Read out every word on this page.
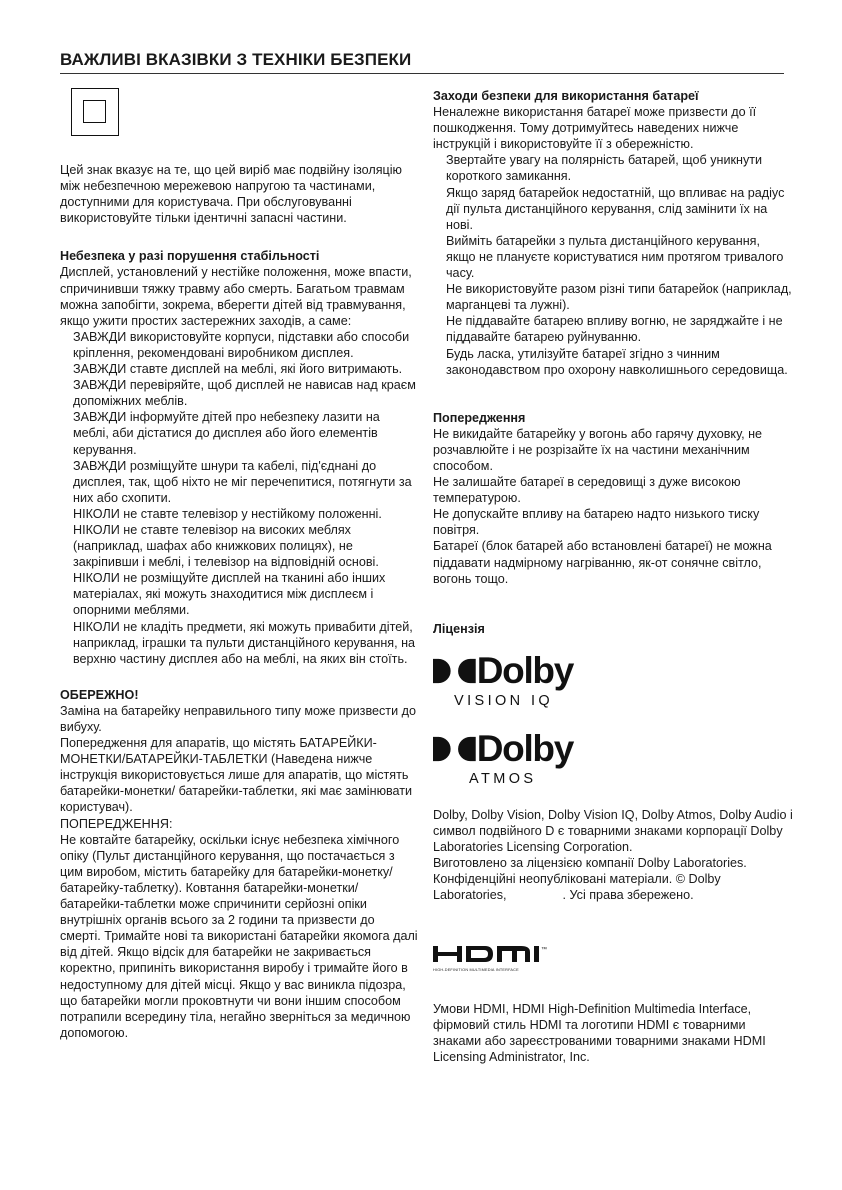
ВАЖЛИВІ ВКАЗІВКИ З ТЕХНІКИ БЕЗПЕКИ

Цей знак вказує на те, що цей виріб має подвійну ізоляцію між небезпечною мережевою напругою та частинами, доступними для користувача. При обслуговуванні використовуйте тільки ідентичні запасні частини.

Небезпека у разі порушення стабільності

Дисплей, установлений у нестійке положення, може впасти, спричинивши тяжку травму або смерть. Багатьом травмам можна запобігти, зокрема, вберегти дітей від травмування, якщо ужити простих застережних заходів, а саме:

ЗАВЖДИ використовуйте корпуси, підставки або способи кріплення, рекомендовані виробником дисплея.

ЗАВЖДИ ставте дисплей на меблі, які його витримають.

ЗАВЖДИ перевіряйте, щоб дисплей не нависав над краєм допоміжних меблів.

ЗАВЖДИ інформуйте дітей про небезпеку лазити на меблі, аби дістатися до дисплея або його елементів керування.

ЗАВЖДИ розміщуйте шнури та кабелі, під'єднані до дисплея, так, щоб ніхто не міг перечепитися, потягнути за них або схопити.

НІКОЛИ не ставте телевізор у нестійкому положенні.

НІКОЛИ не ставте телевізор на високих меблях (наприклад, шафах або книжкових полицях), не закріпивши і меблі, і телевізор на відповідній основі.

НІКОЛИ не розміщуйте дисплей на тканині або інших матеріалах, які можуть знаходитися між дисплеєм і опорними меблями.

НІКОЛИ не кладіть предмети, які можуть привабити дітей, наприклад, іграшки та пульти дистанційного керування, на верхню частину дисплея або на меблі, на яких він стоїть.

ОБЕРЕЖНО!

Заміна на батарейку неправильного типу може призвести до вибуху.

Попередження для апаратів, що містять БАТАРЕЙКИ-МОНЕТКИ/БАТАРЕЙКИ-ТАБЛЕТКИ (Наведена нижче інструкція використовується лише для апаратів, що містять батарейки-монетки/ батарейки-таблетки, які має замінювати користувач).

ПОПЕРЕДЖЕННЯ:

Не ковтайте батарейку, оскільки існує небезпека хімічного опіку (Пульт дистанційного керування, що постачається з цим виробом, містить батарейку для батарейки-монетку/батарейку-таблетку). Ковтання батарейки-монетки/батарейки-таблетки може спричинити серйозні опіки внутрішніх органів всього за 2 години та призвести до смерті. Тримайте нові та використані батарейки якомога далі від дітей. Якщо відсік для батарейки не закривається коректно, припиніть використання виробу і тримайте його в недоступному для дітей місці. Якщо у вас виникла підозра, що батарейки могли проковтнути чи вони іншим способом потрапили всередину тіла, негайно зверніться за медичною допомогою.

Заходи безпеки для використання батареї

Неналежне використання батареї може призвести до її пошкодження. Тому дотримуйтесь наведених нижче інструкцій і використовуйте її з обережністю.

Звертайте увагу на полярність батарей, щоб уникнути короткого замикання.

Якщо заряд батарейок недостатній, що впливає на радіус дії пульта дистанційного керування, слід замінити їх на нові.

Вийміть батарейки з пульта дистанційного керування, якщо не плануєте користуватися ним протягом тривалого часу.

Не використовуйте разом різні типи батарейок (наприклад, марганцеві та лужні).

Не піддавайте батарею впливу вогню, не заряджайте і не піддавайте батарею руйнуванню.

Будь ласка, утилізуйте батареї згідно з чинним законодавством про охорону навколишнього середовища.

Попередження

Не викидайте батарейку у вогонь або гарячу духовку, не розчавлюйте і не розрізайте їх на частини механічним способом.

Не залишайте батареї в середовищі з дуже високою температурою.

Не допускайте впливу на батарею надто низького тиску повітря.

Батареї (блок батарей або встановлені батареї) не можна піддавати надмірному нагріванню, як-от сонячне світло, вогонь тощо.

Ліцензія

Dolby
VISION IQ
Dolby
ATMOS

Dolby, Dolby Vision, Dolby Vision IQ, Dolby Atmos, Dolby Audio і символ подвійного D є товарними знаками корпорації Dolby Laboratories Licensing Corporation.

Виготовлено за ліцензією компанії Dolby Laboratories. Конфіденційні неопубліковані матеріали. © Dolby Laboratories,                . Усі права збережено.

™
HIGH-DEFINITION MULTIMEDIA INTERFACE

Умови HDMI, HDMI High-Definition Multimedia Interface, фірмовий стиль HDMI та логотипи HDMI є товарними знаками або зареєстрованими товарними знаками HDMI Licensing Administrator, Inc.
